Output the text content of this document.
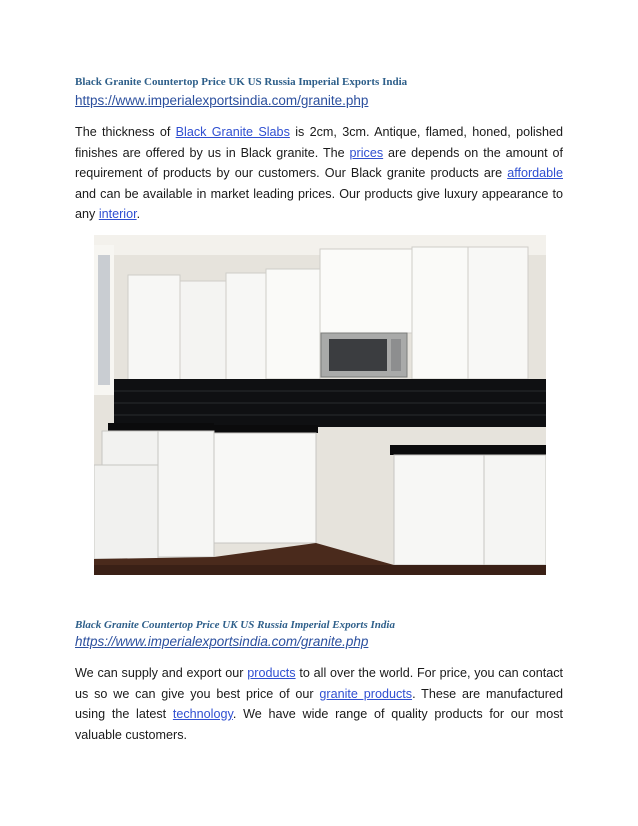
Black Granite Countertop Price UK US Russia Imperial Exports India
https://www.imperialexportsindia.com/granite.php
The thickness of Black Granite Slabs is 2cm, 3cm. Antique, flamed, honed, polished finishes are offered by us in Black granite. The prices are depends on the amount of requirement of products by our customers. Our Black granite products are affordable and can be available in market leading prices. Our products give luxury appearance to any interior.
Black Granite Countertop Price UK US Russia Imperial Exports India
https://www.imperialexportsindia.com/granite.php
We can supply and export our products to all over the world. For price, you can contact us so we can give you best price of our granite products. These are manufactured using the latest technology. We have wide range of quality products for our most valuable customers.
